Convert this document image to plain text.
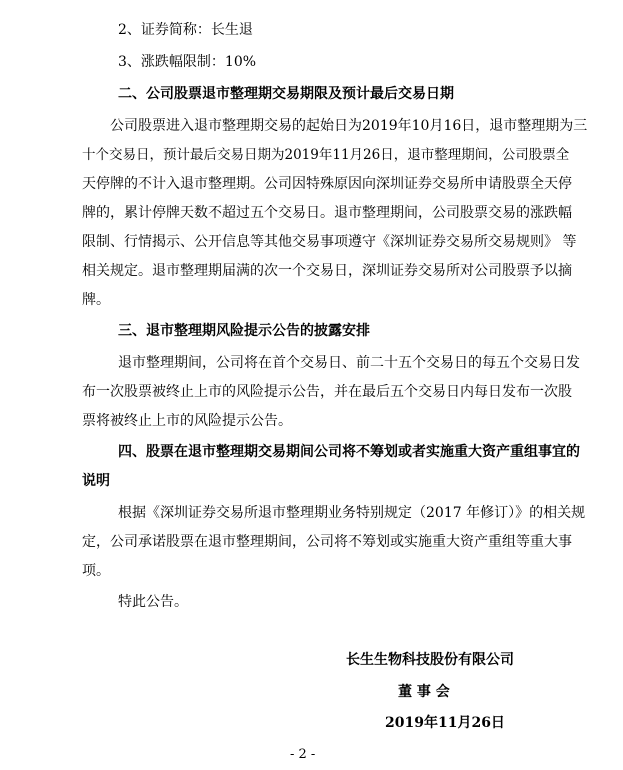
2、证券简称：长生退
3、涨跌幅限制：10%
二、公司股票退市整理期交易期限及预计最后交易日期
公司股票进入退市整理期交易的起始日为2019年10月16日，退市整理期为三
十个交易日，预计最后交易日期为2019年11月26日，退市整理期间，公司股票全
天停牌的不计入退市整理期。公司因特殊原因向深圳证券交易所申请股票全天停
牌的，累计停牌天数不超过五个交易日。退市整理期间，公司股票交易的涨跌幅
限制、行情揭示、公开信息等其他交易事项遵守《深圳证券交易所交易规则》 等
相关规定。退市整理期届满的次一个交易日，深圳证券交易所对公司股票予以摘
牌。
三、退市整理期风险提示公告的披露安排
退市整理期间，公司将在首个交易日、前二十五个交易日的每五个交易日发
布一次股票被终止上市的风险提示公告，并在最后五个交易日内每日发布一次股
票将被终止上市的风险提示公告。
四、股票在退市整理期交易期间公司将不筹划或者实施重大资产重组事宜的
说明
根据《深圳证券交易所退市整理期业务特别规定（2017 年修订）》的相关规
定，公司承诺股票在退市整理期间，公司将不筹划或实施重大资产重组等重大事
项。
特此公告。
长生生物科技股份有限公司
董 事 会
2019年11月26日
- 2 -
